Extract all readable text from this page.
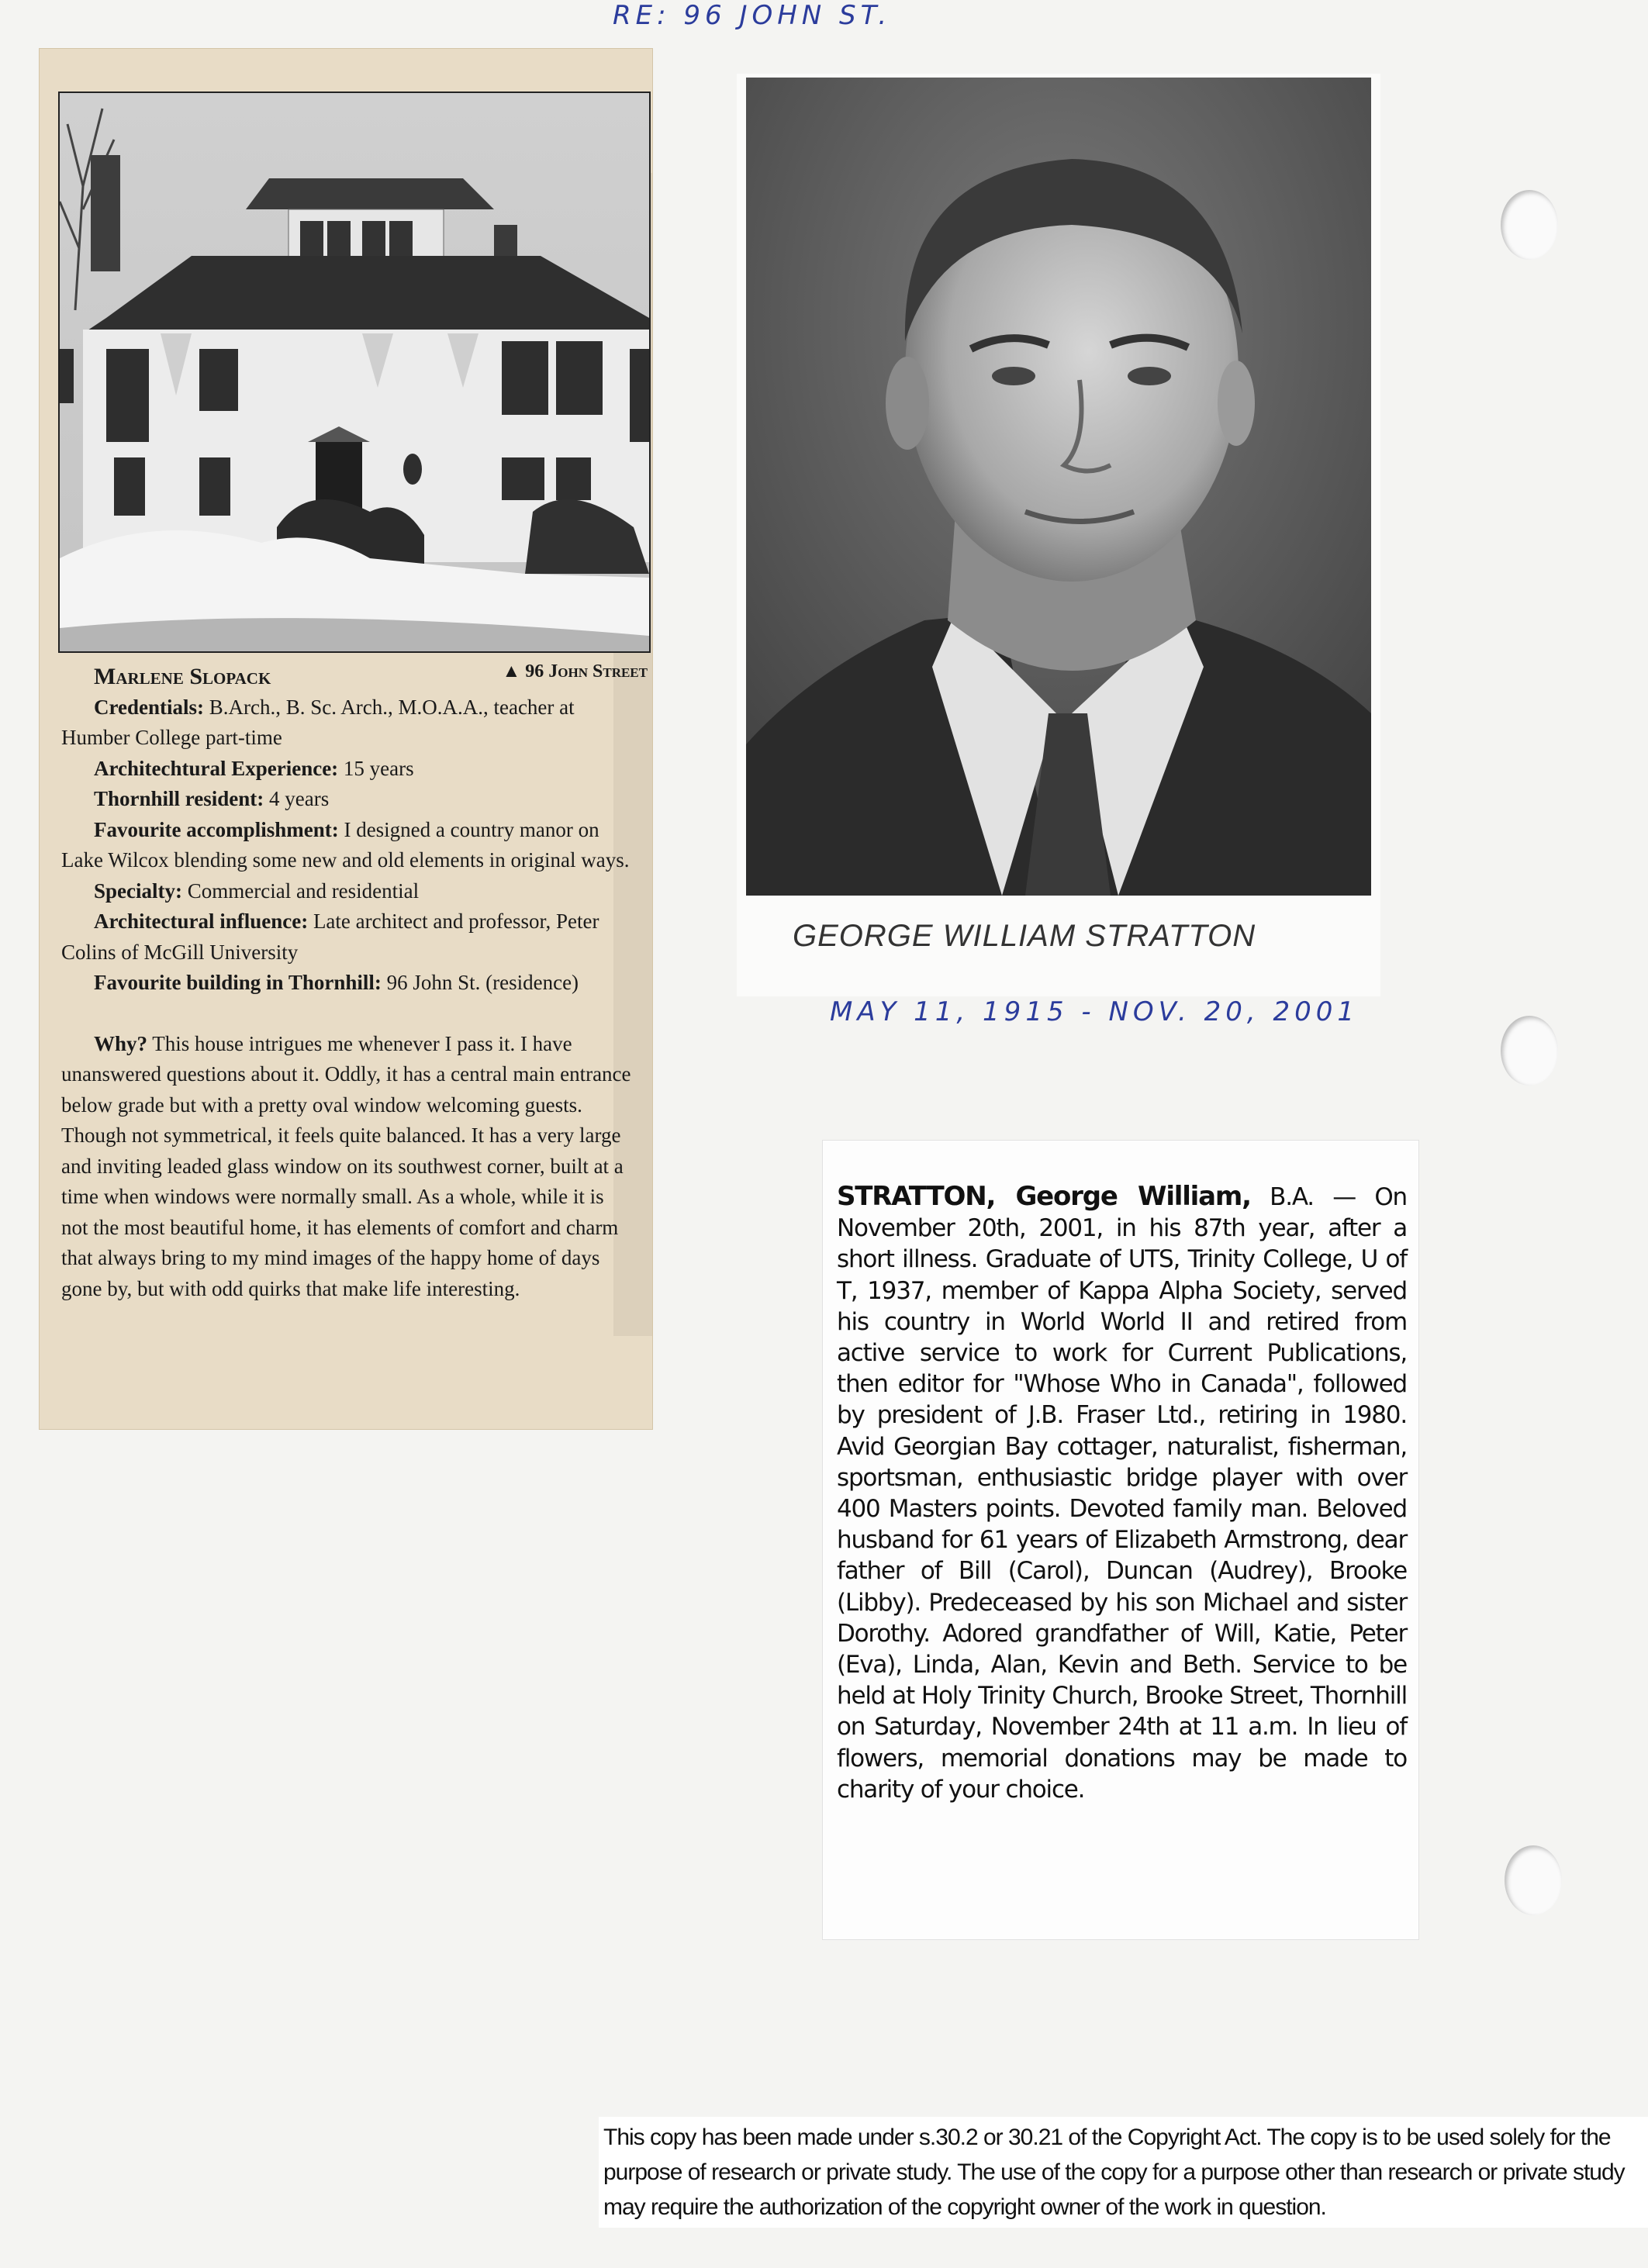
RE: 96 JOHN ST.
▲ 96 John Street
Marlene Slopack
Credentials: B.Arch., B. Sc. Arch., M.O.A.A., teacher at Humber College part-time
Architechtural Experience: 15 years
Thornhill resident: 4 years
Favourite accomplishment: I designed a country manor on Lake Wilcox blending some new and old elements in original ways.
Specialty: Commercial and residential
Architectural influence: Late architect and professor, Peter Colins of McGill University
Favourite building in Thornhill: 96 John St. (residence)
Why? This house intrigues me whenever I pass it. I have unanswered questions about it. Oddly, it has a central main entrance below grade but with a pretty oval window welcoming guests. Though not symmetrical, it feels quite balanced. It has a very large and inviting leaded glass window on its southwest corner, built at a time when windows were normally small. As a whole, while it is not the most beautiful home, it has elements of comfort and charm that always bring to my mind images of the happy home of days gone by, but with odd quirks that make life interesting.
GEORGE WILLIAM STRATTON
MAY 11, 1915 - NOV. 20, 2001
STRATTON, George William, B.A. — On November 20th, 2001, in his 87th year, after a short illness. Graduate of UTS, Trinity College, U of T, 1937, member of Kappa Alpha Society, served his country in World World II and retired from active service to work for Current Publications, then editor for "Whose Who in Canada", followed by president of J.B. Fraser Ltd., retiring in 1980. Avid Georgian Bay cottager, naturalist, fisherman, sportsman, enthusiastic bridge player with over 400 Masters points. Devoted family man. Beloved husband for 61 years of Elizabeth Armstrong, dear father of Bill (Carol), Duncan (Audrey), Brooke (Libby). Predeceased by his son Michael and sister Dorothy. Adored grandfather of Will, Katie, Peter (Eva), Linda, Alan, Kevin and Beth. Service to be held at Holy Trinity Church, Brooke Street, Thornhill on Saturday, November 24th at 11 a.m. In lieu of flowers, memorial donations may be made to charity of your choice.
This copy has been made under s.30.2 or 30.21 of the Copyright Act. The copy is to be used solely for the purpose of research or private study. The use of the copy for a purpose other than research or private study may require the authorization of the copyright owner of the work in question.
